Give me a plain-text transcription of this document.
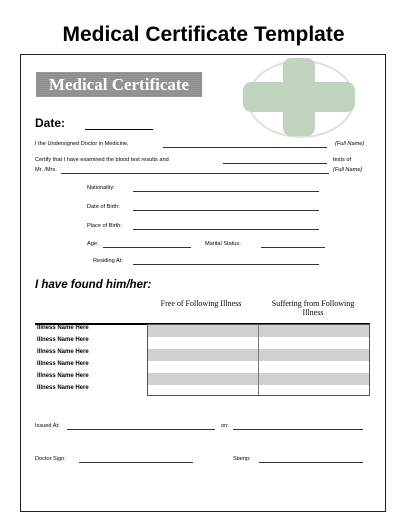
Medical Certificate Template
Medical Certificate
Date:
I the Undersigned Doctor in Medicine,	(Full Name)
Certify that I have examined the blood test results and	tests of
Mr. /Mrs.	(Full Name)
Nationality:
Date of Birth:
Place of Birth:
Age:	Marital Status:
Residing At:
I have found him/her:
Free of Following Illness	Suffering from Following Illness
Illness Name Here
Illness Name Here
Illness Name Here
Illness Name Here
Illness Name Here
Illness Name Here
Issued At:	on:
Doctor Sign:	Stamp:
